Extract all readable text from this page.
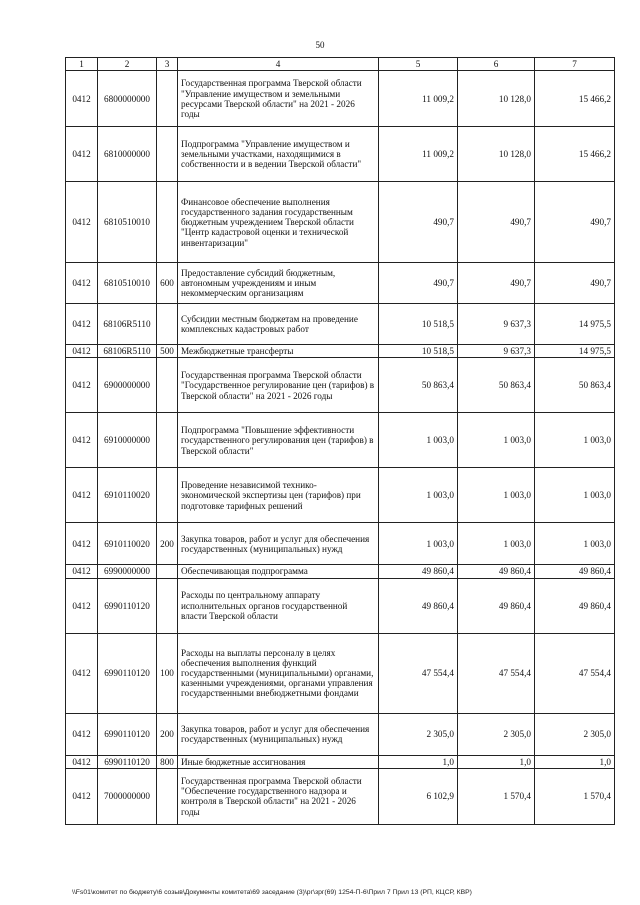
50
1	2	3	4	5	6	7
0412	6800000000		Государственная программа Тверской области "Управление имуществом и земельными ресурсами Тверской области" на 2021 - 2026 годы	11 009,2	10 128,0	15 466,2
0412	6810000000		Подпрограмма "Управление имуществом и земельными участками, находящимися в собственности и в ведении Тверской области"	11 009,2	10 128,0	15 466,2
0412	6810510010		Финансовое обеспечение выполнения государственного задания государственным бюджетным учреждением Тверской области "Центр кадастровой оценки и технической инвентаризации"	490,7	490,7	490,7
0412	6810510010	600	Предоставление субсидий бюджетным, автономным учреждениям и иным некоммерческим организациям	490,7	490,7	490,7
0412	68106R5110		Субсидии местным бюджетам на проведение комплексных кадастровых работ	10 518,5	9 637,3	14 975,5
0412	68106R5110	500	Межбюджетные трансферты	10 518,5	9 637,3	14 975,5
0412	6900000000		Государственная программа Тверской области "Государственное регулирование цен (тарифов) в Тверской области" на 2021 - 2026 годы	50 863,4	50 863,4	50 863,4
0412	6910000000		Подпрограмма "Повышение эффективности государственного регулирования цен (тарифов) в Тверской области"	1 003,0	1 003,0	1 003,0
0412	6910110020		Проведение независимой технико-экономической экспертизы цен (тарифов) при подготовке тарифных решений	1 003,0	1 003,0	1 003,0
0412	6910110020	200	Закупка товаров, работ и услуг для обеспечения государственных (муниципальных) нужд	1 003,0	1 003,0	1 003,0
0412	6990000000		Обеспечивающая подпрограмма	49 860,4	49 860,4	49 860,4
0412	6990110120		Расходы по центральному аппарату исполнительных органов государственной власти Тверской области	49 860,4	49 860,4	49 860,4
0412	6990110120	100	Расходы на выплаты персоналу в целях обеспечения выполнения функций государственными (муниципальными) органами, казенными учреждениями, органами управления государственными внебюджетными фондами	47 554,4	47 554,4	47 554,4
0412	6990110120	200	Закупка товаров, работ и услуг для обеспечения государственных (муниципальных) нужд	2 305,0	2 305,0	2 305,0
0412	6990110120	800	Иные бюджетные ассигнования	1,0	1,0	1,0
0412	7000000000		Государственная программа Тверской области "Обеспечение государственного надзора и контроля в Тверской области" на 2021 - 2026 годы	6 102,9	1 570,4	1 570,4
\\Fs01\комитет по бюджету\6 созыв\Документы комитета\69 заседание (3)\рг\зрг(69) 1254-П-6\Прил 7 Прил 13 (РП, КЦСР, КВР)
